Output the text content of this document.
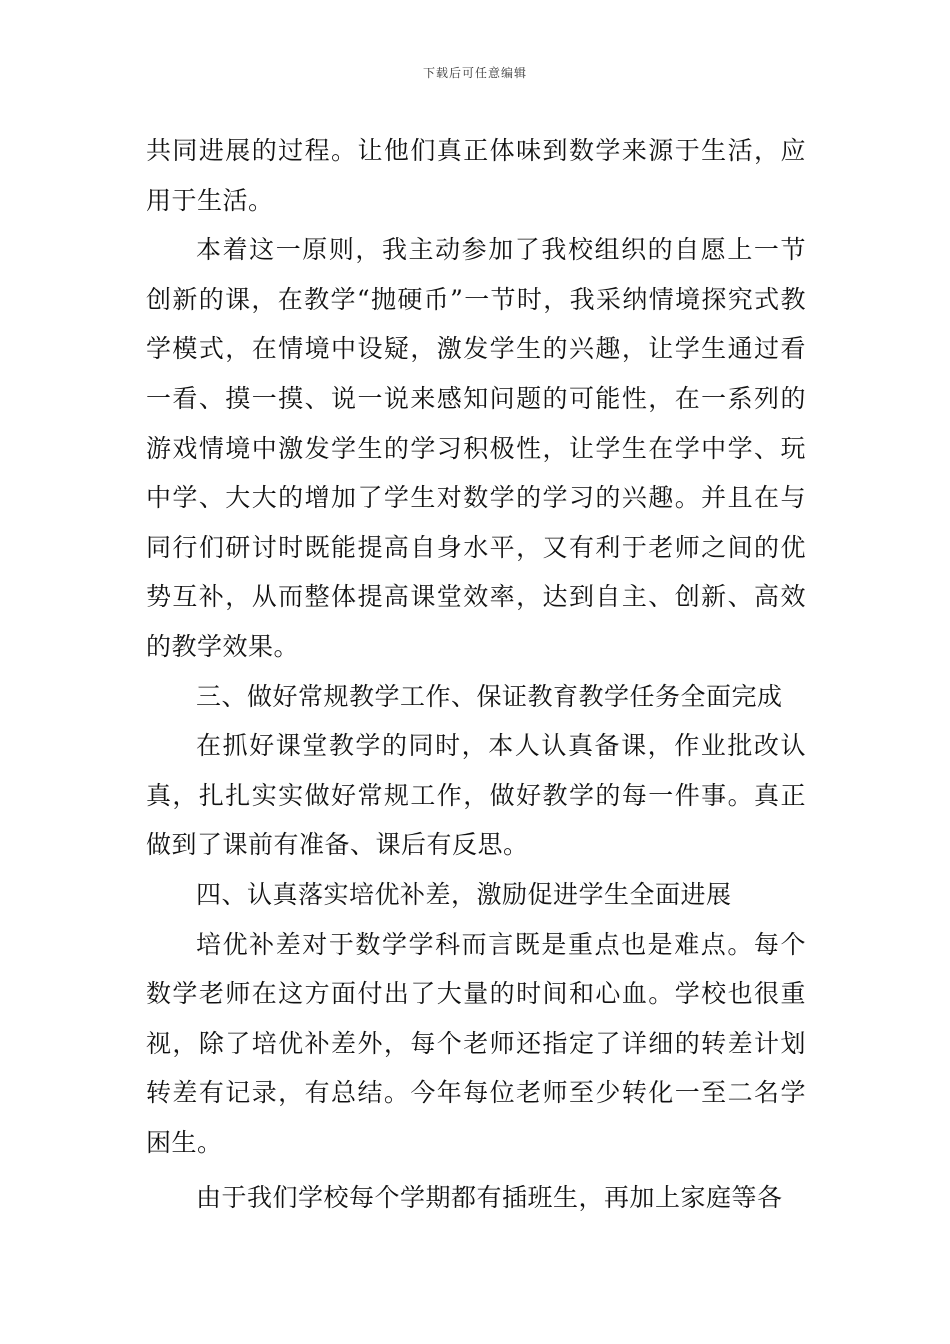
下载后可任意编辑

共同进展的过程。让他们真正体味到数学来源于生活，应用于生活。

本着这一原则，我主动参加了我校组织的自愿上一节创新的课，在教学“抛硬币”一节时，我采纳情境探究式教学模式，在情境中设疑，激发学生的兴趣，让学生通过看一看、摸一摸、说一说来感知问题的可能性，在一系列的游戏情境中激发学生的学习积极性，让学生在学中学、玩中学、大大的增加了学生对数学的学习的兴趣。并且在与同行们研讨时既能提高自身水平，又有利于老师之间的优势互补，从而整体提高课堂效率，达到自主、创新、高效的教学效果。

三、做好常规教学工作、保证教育教学任务全面完成

在抓好课堂教学的同时，本人认真备课，作业批改认真，扎扎实实做好常规工作，做好教学的每一件事。真正做到了课前有准备、课后有反思。

四、认真落实培优补差，激励促进学生全面进展

培优补差对于数学学科而言既是重点也是难点。每个数学老师在这方面付出了大量的时间和心血。学校也很重视，除了培优补差外，每个老师还指定了详细的转差计划转差有记录，有总结。今年每位老师至少转化一至二名学困生。

由于我们学校每个学期都有插班生，再加上家庭等各
